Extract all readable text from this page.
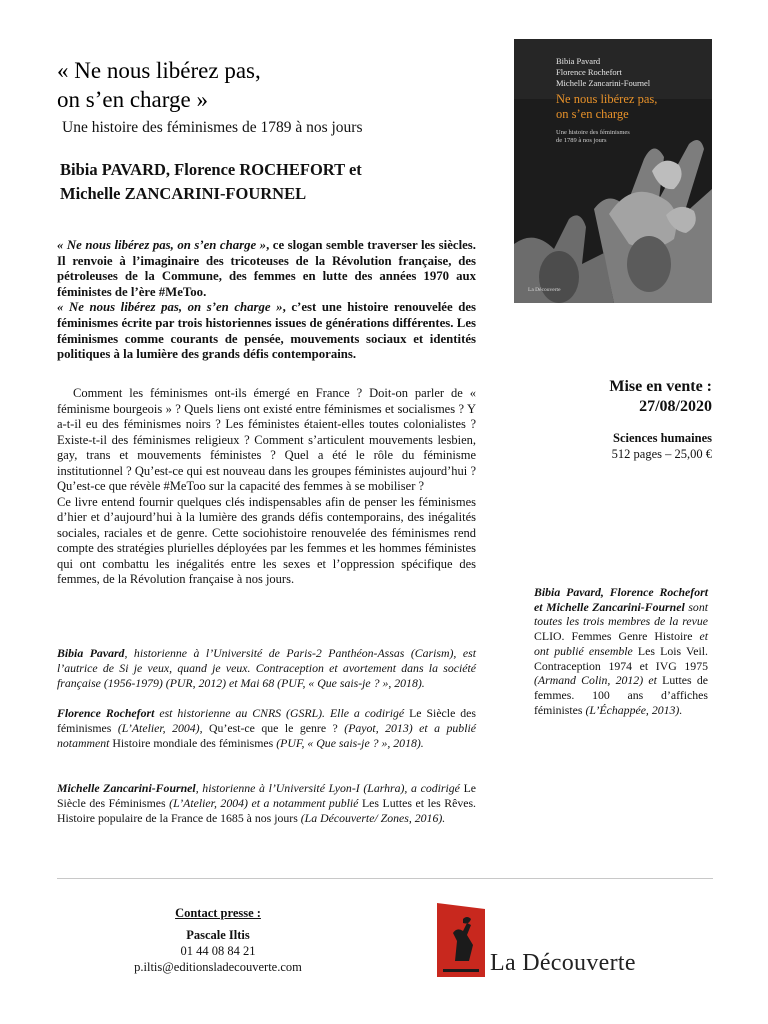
« Ne nous libérez pas,
on s’en charge »
Une histoire des féminismes de 1789 à nos jours
Bibia PAVARD, Florence ROCHEFORT et
Michelle ZANCARINI-FOURNEL

« Ne nous libérez pas, on s’en charge », ce slogan semble traverser les siècles. Il renvoie à l’imaginaire des tricoteuses de la Révolution française, des pétroleuses de la Commune, des femmes en lutte des années 1970 aux féministes de l’ère #MeToo.

« Ne nous libérez pas, on s’en charge », c’est une histoire renouvelée des féminismes écrite par trois historiennes issues de générations différentes. Les féminismes comme courants de pensée, mouvements sociaux et identités politiques à la lumière des grands défis contemporains.

Comment les féminismes ont-ils émergé en France ? Doit-on parler de « féminisme bourgeois » ? Quels liens ont existé entre féminismes et socialismes ? Y a-t-il eu des féminismes noirs ? Les féministes étaient-elles toutes colonialistes ? Existe-t-il des féminismes religieux ? Comment s’articulent mouvements lesbien, gay, trans et mouvements féministes ? Quel a été le rôle du féminisme institutionnel ? Qu’est-ce qui est nouveau dans les groupes féministes aujourd’hui ? Qu’est-ce que révèle #MeToo sur la capacité des femmes à se mobiliser ?

Ce livre entend fournir quelques clés indispensables afin de penser les féminismes d’hier et d’aujourd’hui à la lumière des grands défis contemporains, des inégalités sociales, raciales et de genre. Cette sociohistoire renouvelée des féminismes rend compte des stratégies plurielles déployées par les femmes et les hommes féministes qui ont combattu les inégalités entre les sexes et l’oppression spécifique des femmes, de la Révolution française à nos jours.

Bibia Pavard, historienne à l’Université de Paris-2 Panthéon-Assas (Carism), est l’autrice de Si je veux, quand je veux. Contraception et avortement dans la société française (1956-1979) (PUR, 2012) et Mai 68 (PUF, « Que sais-je ? », 2018).

Florence Rochefort est historienne au CNRS (GSRL). Elle a codirigé Le Siècle des féminismes (L’Atelier, 2004), Qu’est-ce que le genre ? (Payot, 2013) et a publié notamment Histoire mondiale des féminismes (PUF, « Que sais-je ? », 2018).

Michelle Zancarini-Fournel, historienne à l’Université Lyon-I (Larhra), a codirigé Le Siècle des Féminismes (L’Atelier, 2004) et a notamment publié Les Luttes et les Rêves. Histoire populaire de la France de 1685 à nos jours (La Découverte/ Zones, 2016).

Bibia Pavard
Florence Rochefort
Michelle Zancarini-Fournel
Ne nous libérez pas,
on s’en charge
Une histoire des féminismes
de 1789 à nos jours
La Découverte
Mise en vente :
27/08/2020
Sciences humaines
512 pages – 25,00 €

Bibia Pavard, Florence Rochefort et Michelle Zancarini-Fournel sont toutes les trois membres de la revue CLIO. Femmes Genre Histoire et ont publié ensemble Les Lois Veil. Contraception 1974 et IVG 1975 (Armand Colin, 2012) et Luttes de femmes. 100 ans d’affiches féministes (L’Échappée, 2013).

Contact presse :
Pascale Iltis
01 44 08 84 21
p.iltis@editionsladecouverte.com	La Découverte
